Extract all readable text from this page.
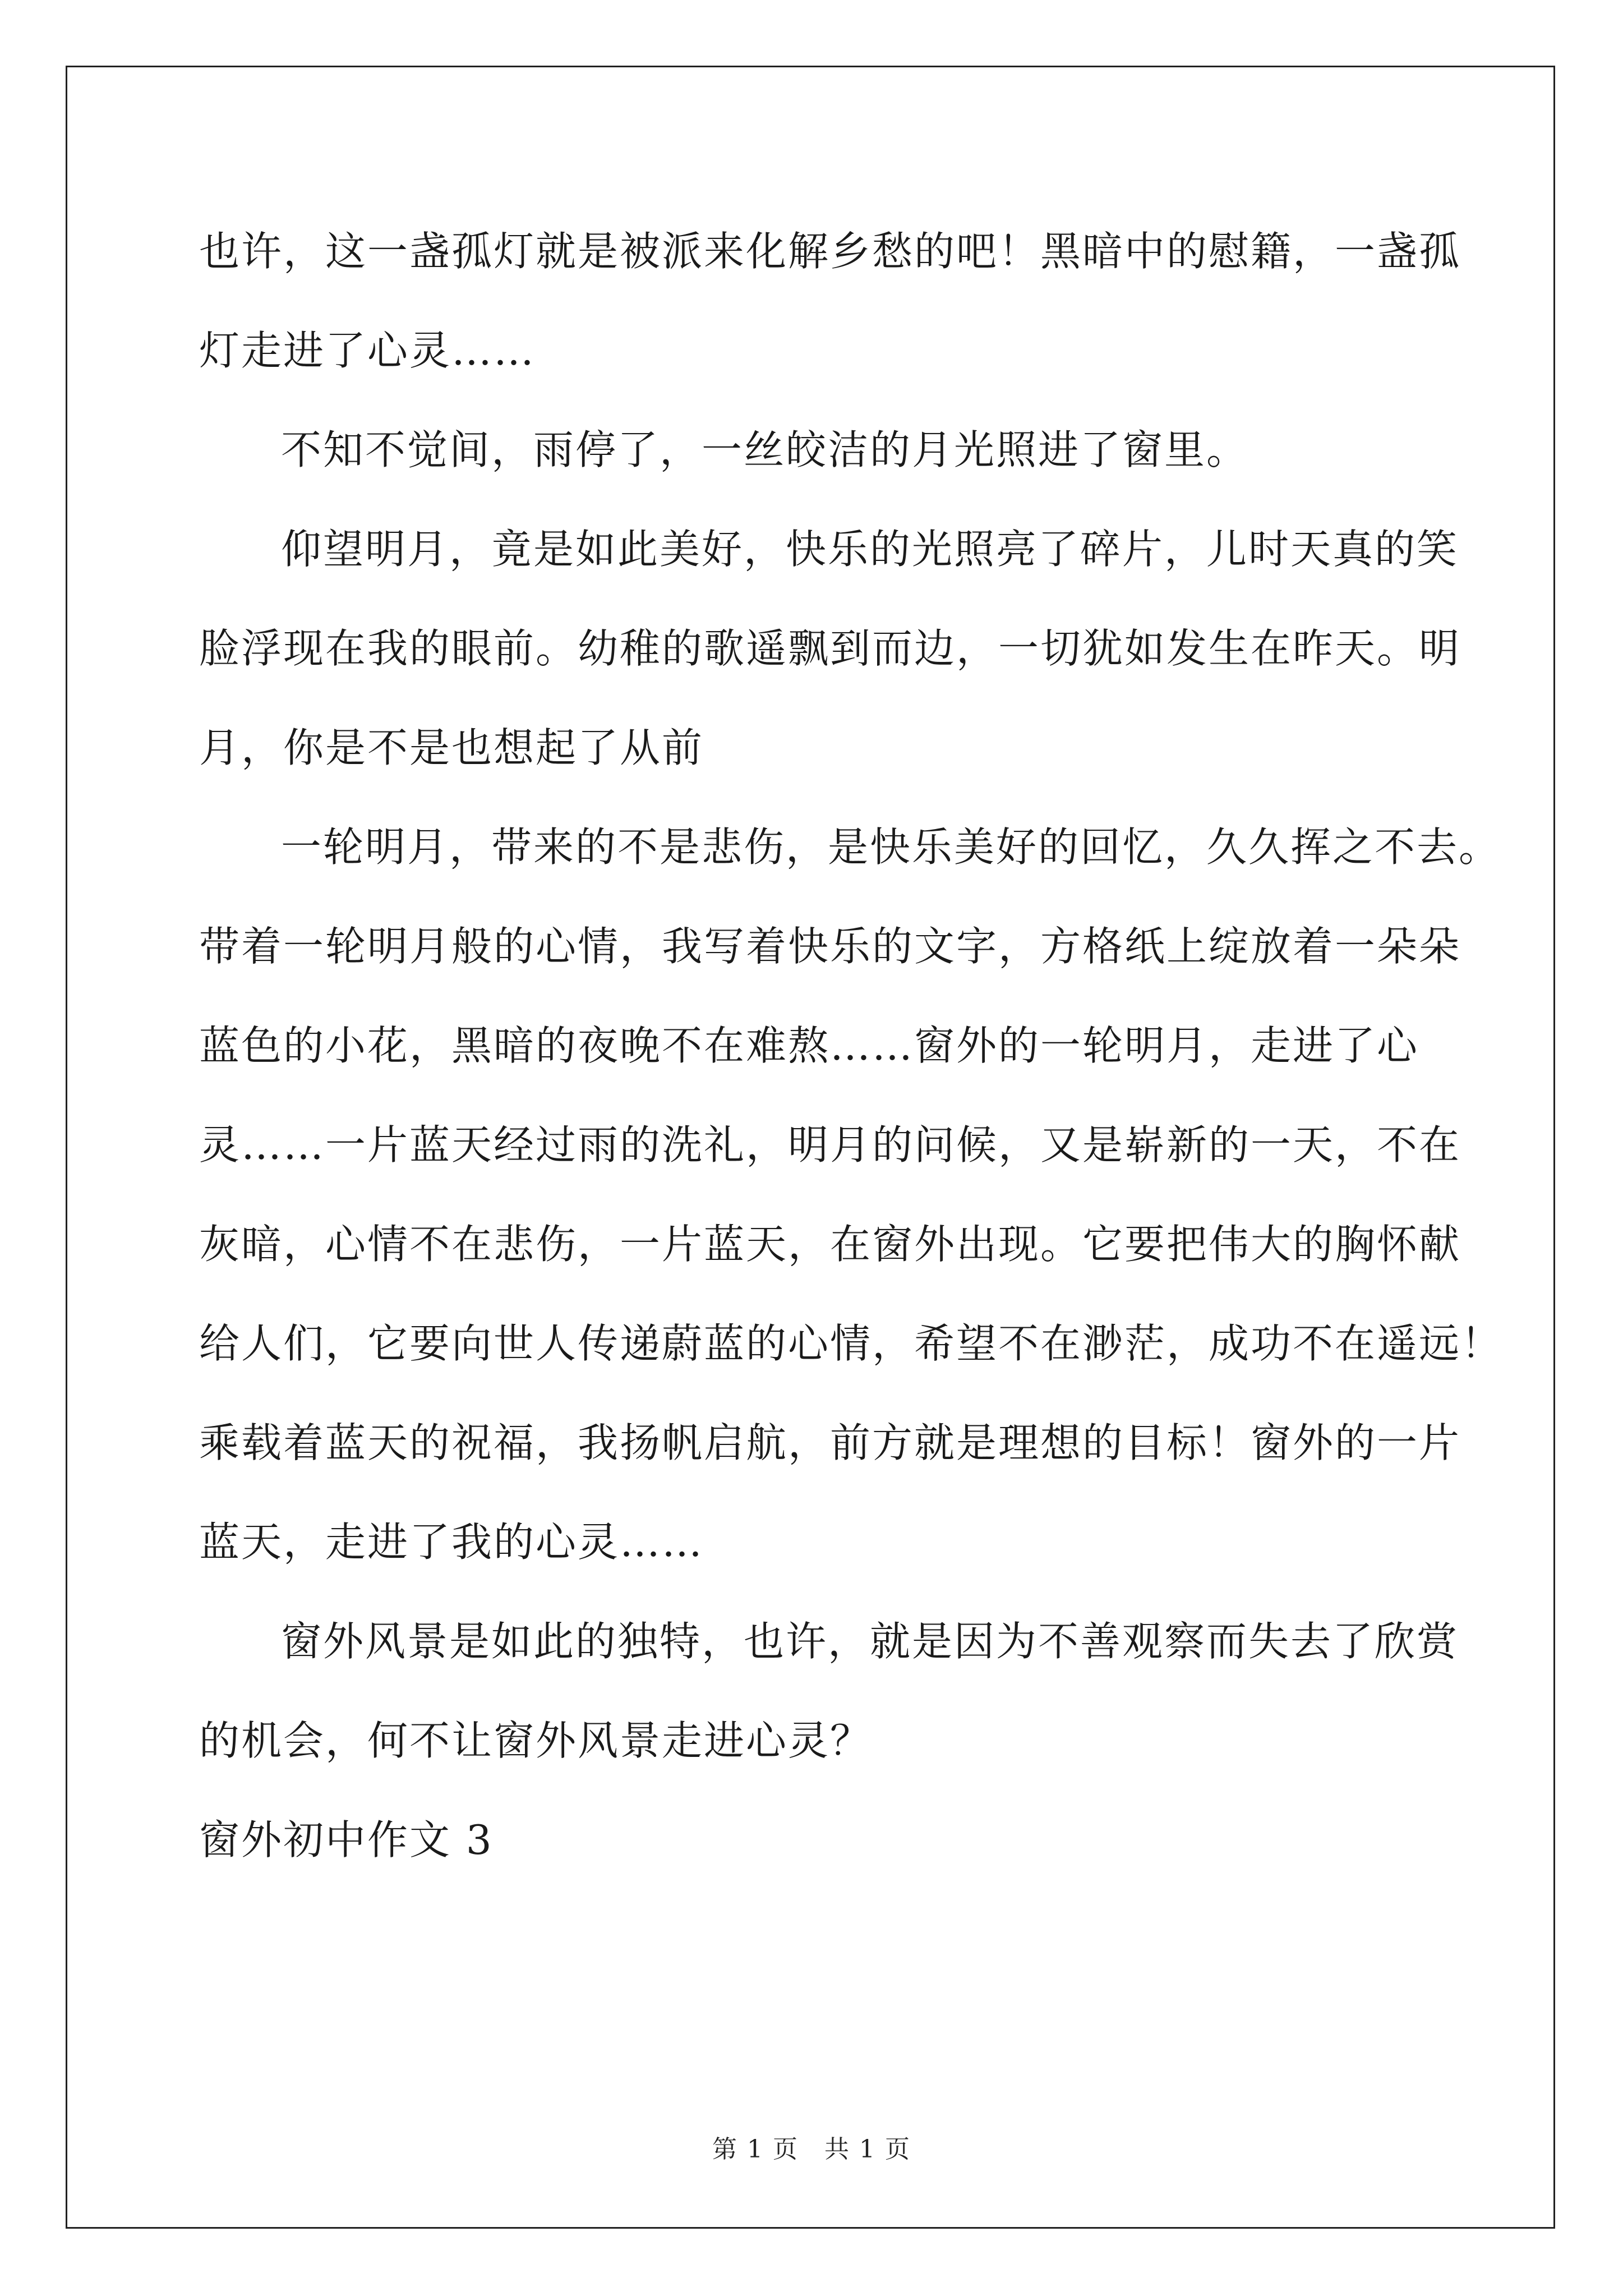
也许，这一盏孤灯就是被派来化解乡愁的吧！黑暗中的慰籍，一盏孤
灯走进了心灵……
不知不觉间，雨停了，一丝皎洁的月光照进了窗里。
仰望明月，竟是如此美好，快乐的光照亮了碎片，儿时天真的笑
脸浮现在我的眼前。幼稚的歌遥飘到而边，一切犹如发生在昨天。明
月，你是不是也想起了从前
一轮明月，带来的不是悲伤，是快乐美好的回忆，久久挥之不去。
带着一轮明月般的心情，我写着快乐的文字，方格纸上绽放着一朵朵
蓝色的小花，黑暗的夜晚不在难熬……窗外的一轮明月，走进了心
灵……一片蓝天经过雨的洗礼，明月的问候，又是崭新的一天，不在
灰暗，心情不在悲伤，一片蓝天，在窗外出现。它要把伟大的胸怀献
给人们，它要向世人传递蔚蓝的心情，希望不在渺茫，成功不在遥远！
乘载着蓝天的祝福，我扬帆启航，前方就是理想的目标！窗外的一片
蓝天，走进了我的心灵……
窗外风景是如此的独特，也许，就是因为不善观察而失去了欣赏
的机会，何不让窗外风景走进心灵？
窗外初中作文 3
第 1 页　共 1 页
